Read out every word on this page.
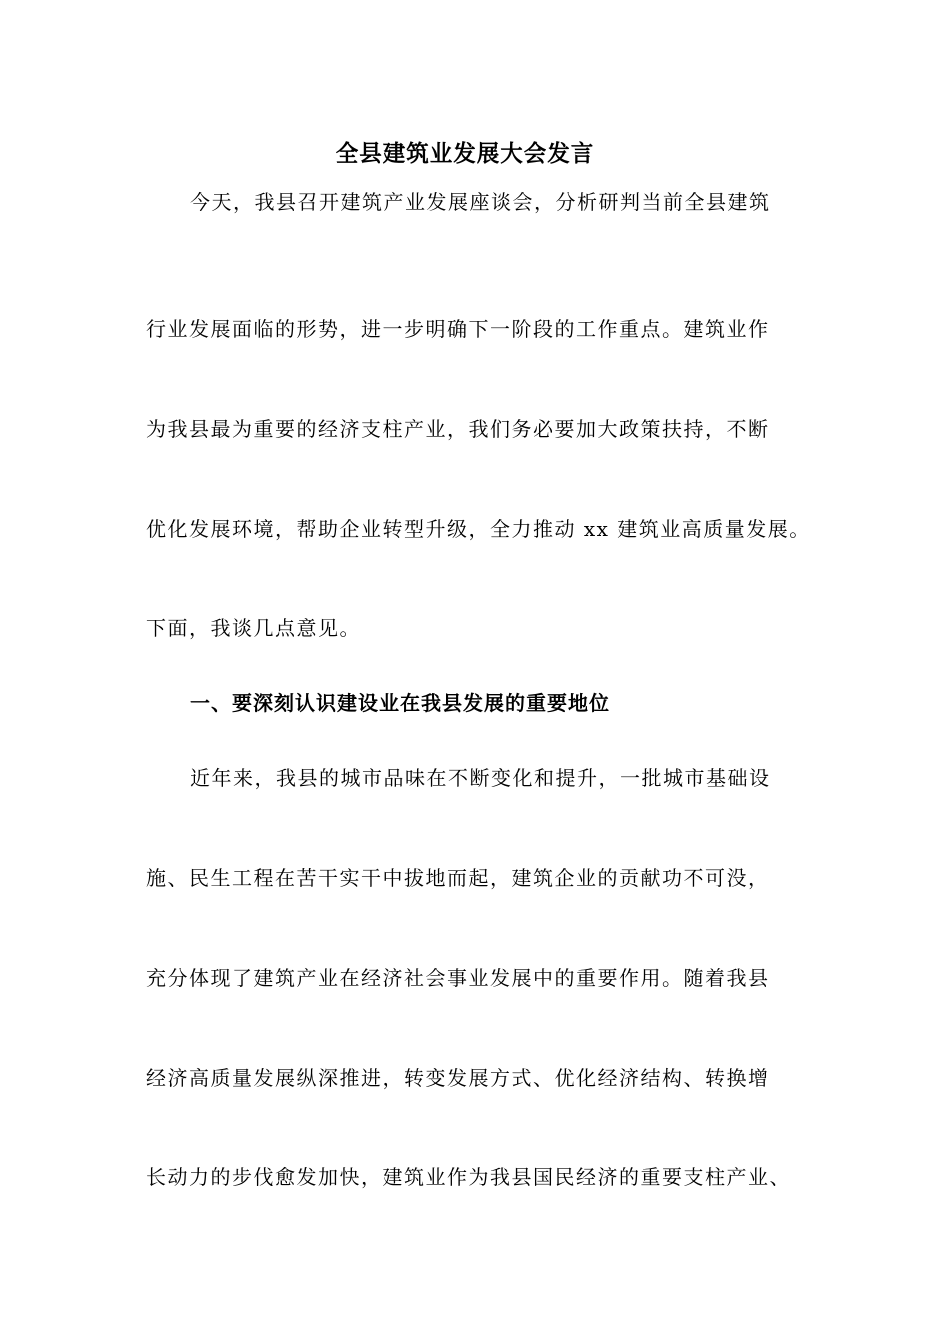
全县建筑业发展大会发言
今天，我县召开建筑产业发展座谈会，分析研判当前全县建筑
行业发展面临的形势，进一步明确下一阶段的工作重点。建筑业作
为我县最为重要的经济支柱产业，我们务必要加大政策扶持，不断
优化发展环境，帮助企业转型升级，全力推动 xx 建筑业高质量发展。
下面，我谈几点意见。
一、要深刻认识建设业在我县发展的重要地位
近年来，我县的城市品味在不断变化和提升，一批城市基础设
施、民生工程在苦干实干中拔地而起，建筑企业的贡献功不可没，
充分体现了建筑产业在经济社会事业发展中的重要作用。随着我县
经济高质量发展纵深推进，转变发展方式、优化经济结构、转换增
长动力的步伐愈发加快，建筑业作为我县国民经济的重要支柱产业、
